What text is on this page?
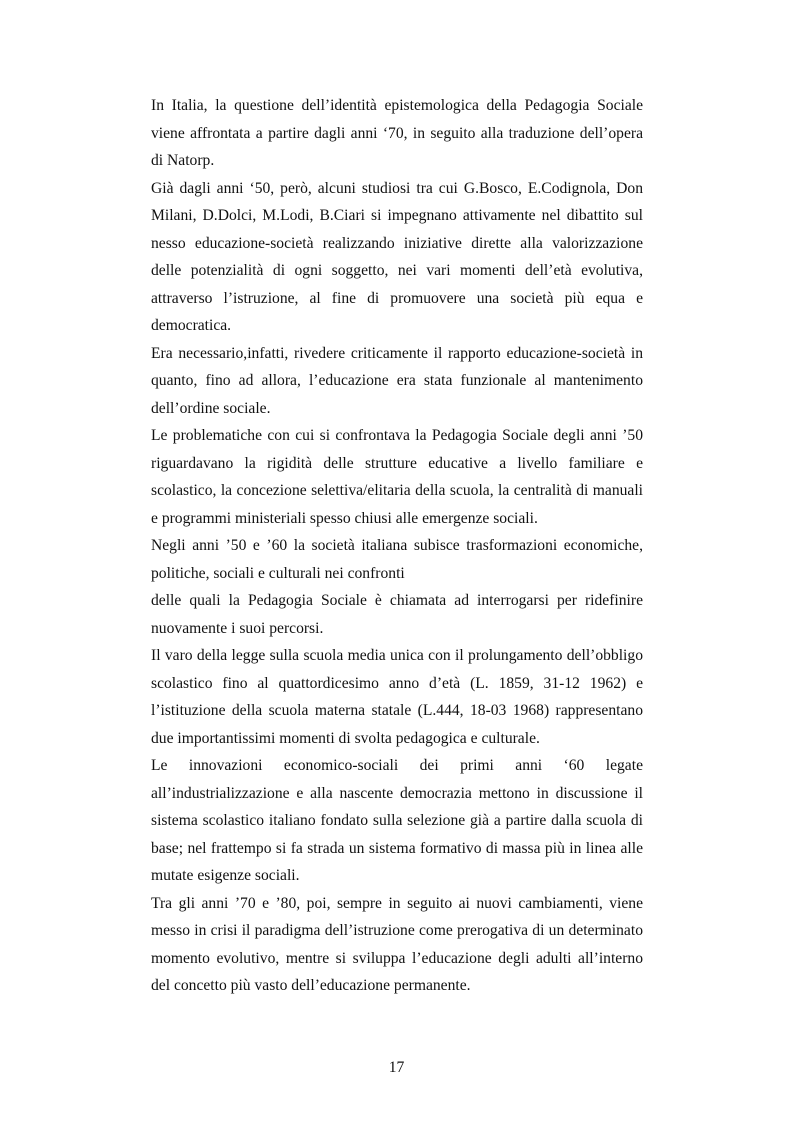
In Italia, la questione dell’identità epistemologica della Pedagogia Sociale viene affrontata a partire dagli anni ‘70, in seguito alla traduzione dell’opera di Natorp.

Già dagli anni ‘50, però, alcuni studiosi tra cui G.Bosco, E.Codignola, Don Milani, D.Dolci, M.Lodi, B.Ciari si impegnano attivamente nel dibattito sul nesso educazione-società realizzando iniziative dirette alla valorizzazione delle potenzialità di ogni soggetto, nei vari momenti dell’età evolutiva, attraverso l’istruzione, al fine di promuovere una società più equa e democratica.

Era necessario,infatti, rivedere criticamente il rapporto educazione-società in quanto, fino ad allora, l’educazione era stata funzionale al mantenimento dell’ordine sociale.

Le problematiche con cui si confrontava la Pedagogia Sociale degli anni ’50 riguardavano la rigidità delle strutture educative a livello familiare e scolastico, la concezione selettiva/elitaria della scuola, la centralità di manuali e programmi ministeriali spesso chiusi alle emergenze sociali.

Negli anni ’50 e ’60 la società italiana subisce trasformazioni economiche, politiche, sociali e culturali nei confronti

delle quali la Pedagogia Sociale è chiamata ad interrogarsi per ridefinire nuovamente i suoi percorsi.

Il varo della legge sulla scuola media unica con il prolungamento dell’obbligo scolastico fino al quattordicesimo anno d’età (L. 1859, 31-12 1962) e l’istituzione della scuola materna statale (L.444, 18-03 1968) rappresentano due importantissimi momenti di svolta pedagogica e culturale.

Le innovazioni economico-sociali dei primi anni ‘60 legate all’industrializzazione e alla nascente democrazia mettono in discussione il sistema scolastico italiano fondato sulla selezione già a partire dalla scuola di base; nel frattempo si fa strada un sistema formativo di massa più in linea alle mutate esigenze sociali.

Tra gli anni ’70 e ’80, poi, sempre in seguito ai nuovi cambiamenti, viene messo in crisi il paradigma dell’istruzione come prerogativa di un determinato momento evolutivo, mentre si sviluppa l’educazione degli adulti all’interno del concetto più vasto dell’educazione permanente.

17
